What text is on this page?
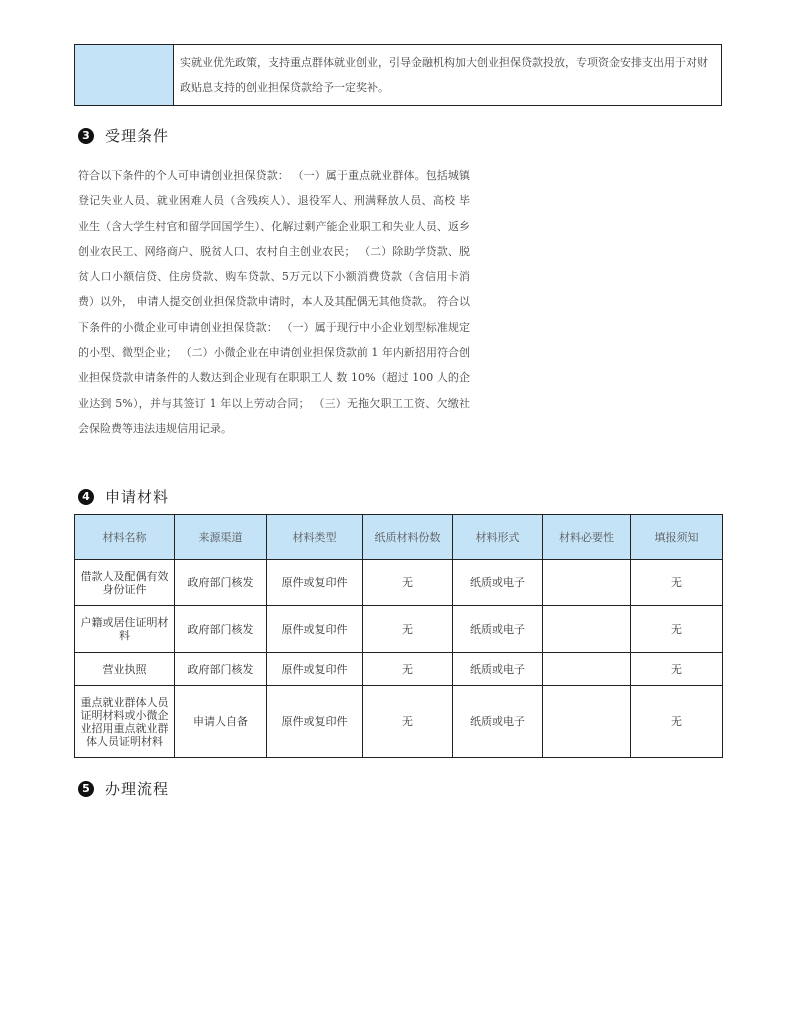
实就业优先政策，支持重点群体就业创业，引导金融机构加大创业担保贷款投放，专项资金安排支出用于对财政贴息支持的创业担保贷款给予一定奖补。
3 受理条件
符合以下条件的个人可申请创业担保贷款： （一）属于重点就业群体。包括城镇登记失业人员、就业困难人员（含残疾人）、退役军人、刑满释放人员、高校 毕业生（含大学生村官和留学回国学生）、化解过剩产能企业职工和失业人员、返乡创业农民工、网络商户、脱贫人口、农村自主创业农民； （二）除助学贷款、脱贫人口小额信贷、住房贷款、购车贷款、5万元以下小额消费贷款（含信用卡消费）以外， 申请人提交创业担保贷款申请时，本人及其配偶无其他贷款。 符合以下条件的小微企业可申请创业担保贷款： （一）属于现行中小企业划型标准规定的小型、微型企业； （二）小微企业在申请创业担保贷款前 1 年内新招用符合创业担保贷款申请条件的人数达到企业现有在职职工人 数 10%（超过 100 人的企业达到 5%），并与其签订 1 年以上劳动合同； （三）无拖欠职工工资、欠缴社会保险费等违法违规信用记录。
4 申请材料
材料名称	来源渠道	材料类型	纸质材料份数	材料形式	材料必要性	填报须知
借款人及配偶有效身份证件	政府部门核发	原件或复印件	无	纸质或电子		无
户籍或居住证明材料	政府部门核发	原件或复印件	无	纸质或电子		无
营业执照	政府部门核发	原件或复印件	无	纸质或电子		无
重点就业群体人员证明材料或小微企业招用重点就业群体人员证明材料	申请人自备	原件或复印件	无	纸质或电子		无
5 办理流程
